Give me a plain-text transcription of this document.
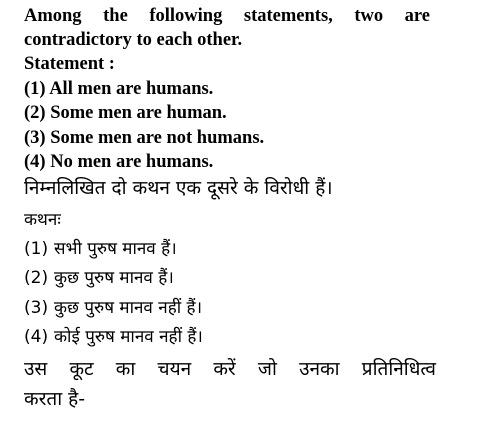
Among the following statements, two are
contradictory to each other.

Statement :

(1) All men are humans.

(2) Some men are human.

(3) Some men are not humans.

(4) No men are humans.

निम्नलिखित दो कथन एक दूसरे के विरोधी हैं।

कथनः

(1) सभी पुरुष मानव हैं।

(2) कुछ पुरुष मानव हैं।

(3) कुछ पुरुष मानव नहीं हैं।

(4) कोई पुरुष मानव नहीं हैं।

उस कूट का चयन करें जो उनका प्रतिनिधित्व
करता है-
